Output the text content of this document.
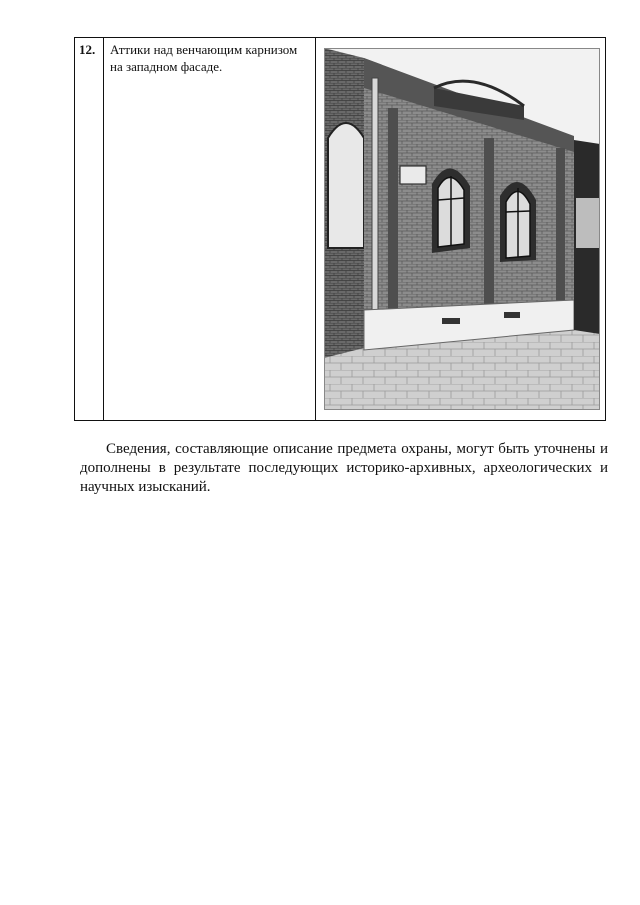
12.	Аттики над венчающим карнизом на западном фасаде.	

Сведения, составляющие описание предмета охраны, могут быть уточнены и дополнены в результате последующих историко-архивных, археологических и научных изысканий.
